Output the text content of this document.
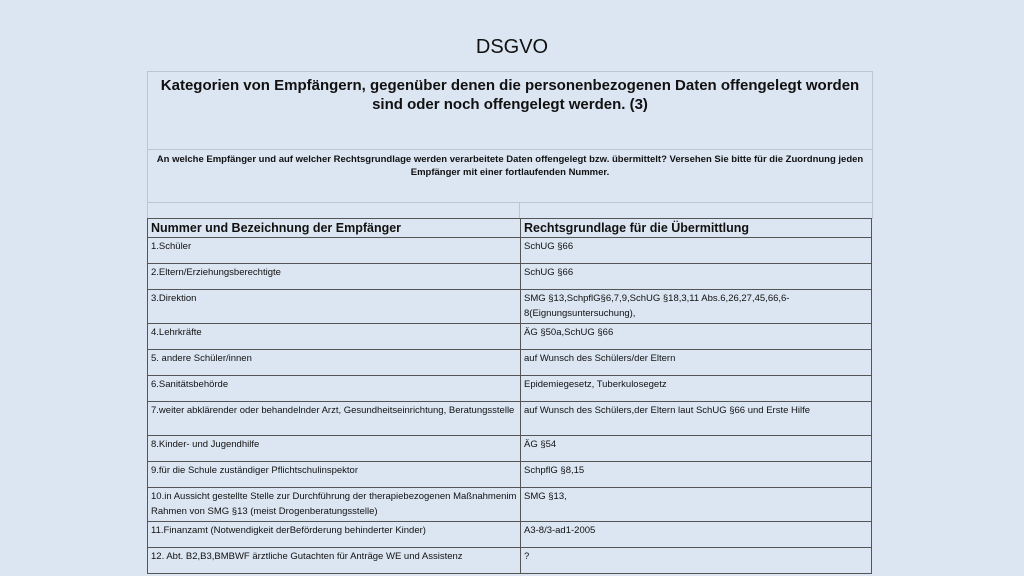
DSGVO
Kategorien von Empfängern, gegenüber denen die personenbezogenen Daten offengelegt worden sind oder noch offengelegt werden. (3)
An welche Empfänger und auf welcher Rechtsgrundlage werden verarbeitete Daten offengelegt bzw. übermittelt? Versehen Sie bitte für die Zuordnung jeden Empfänger mit einer fortlaufenden Nummer.
Nummer und Bezeichnung der Empfänger	Rechtsgrundlage für die Übermittlung
1.Schüler	SchUG §66
2.Eltern/Erziehungsberechtigte	SchUG §66
3.Direktion	SMG §13,SchpflG§6,7,9,SchUG §18,3,11 Abs.6,26,27,45,66,6-8(Eignungsuntersuchung),
4.Lehrkräfte	ÄG §50a,SchUG §66
5. andere Schüler/innen	auf Wunsch des Schülers/der Eltern
6.Sanitätsbehörde	Epidemiegesetz, Tuberkulosegetz
7.weiter abklärender oder behandelnder Arzt, Gesundheitseinrichtung, Beratungsstelle	auf Wunsch des Schülers,der Eltern laut SchUG §66 und Erste Hilfe
8.Kinder- und Jugendhilfe	ÄG §54
9.für die Schule zuständiger Pflichtschulinspektor	SchpflG §8,15
10.in Aussicht gestellte Stelle zur Durchführung der therapiebezogenen Maßnahmenim Rahmen von SMG §13 (meist Drogenberatungsstelle)	SMG §13,
11.Finanzamt (Notwendigkeit derBeförderung behinderter Kinder)	A3-8/3-ad1-2005
12. Abt. B2,B3,BMBWF ärztliche Gutachten für Anträge WE und Assistenz	?
